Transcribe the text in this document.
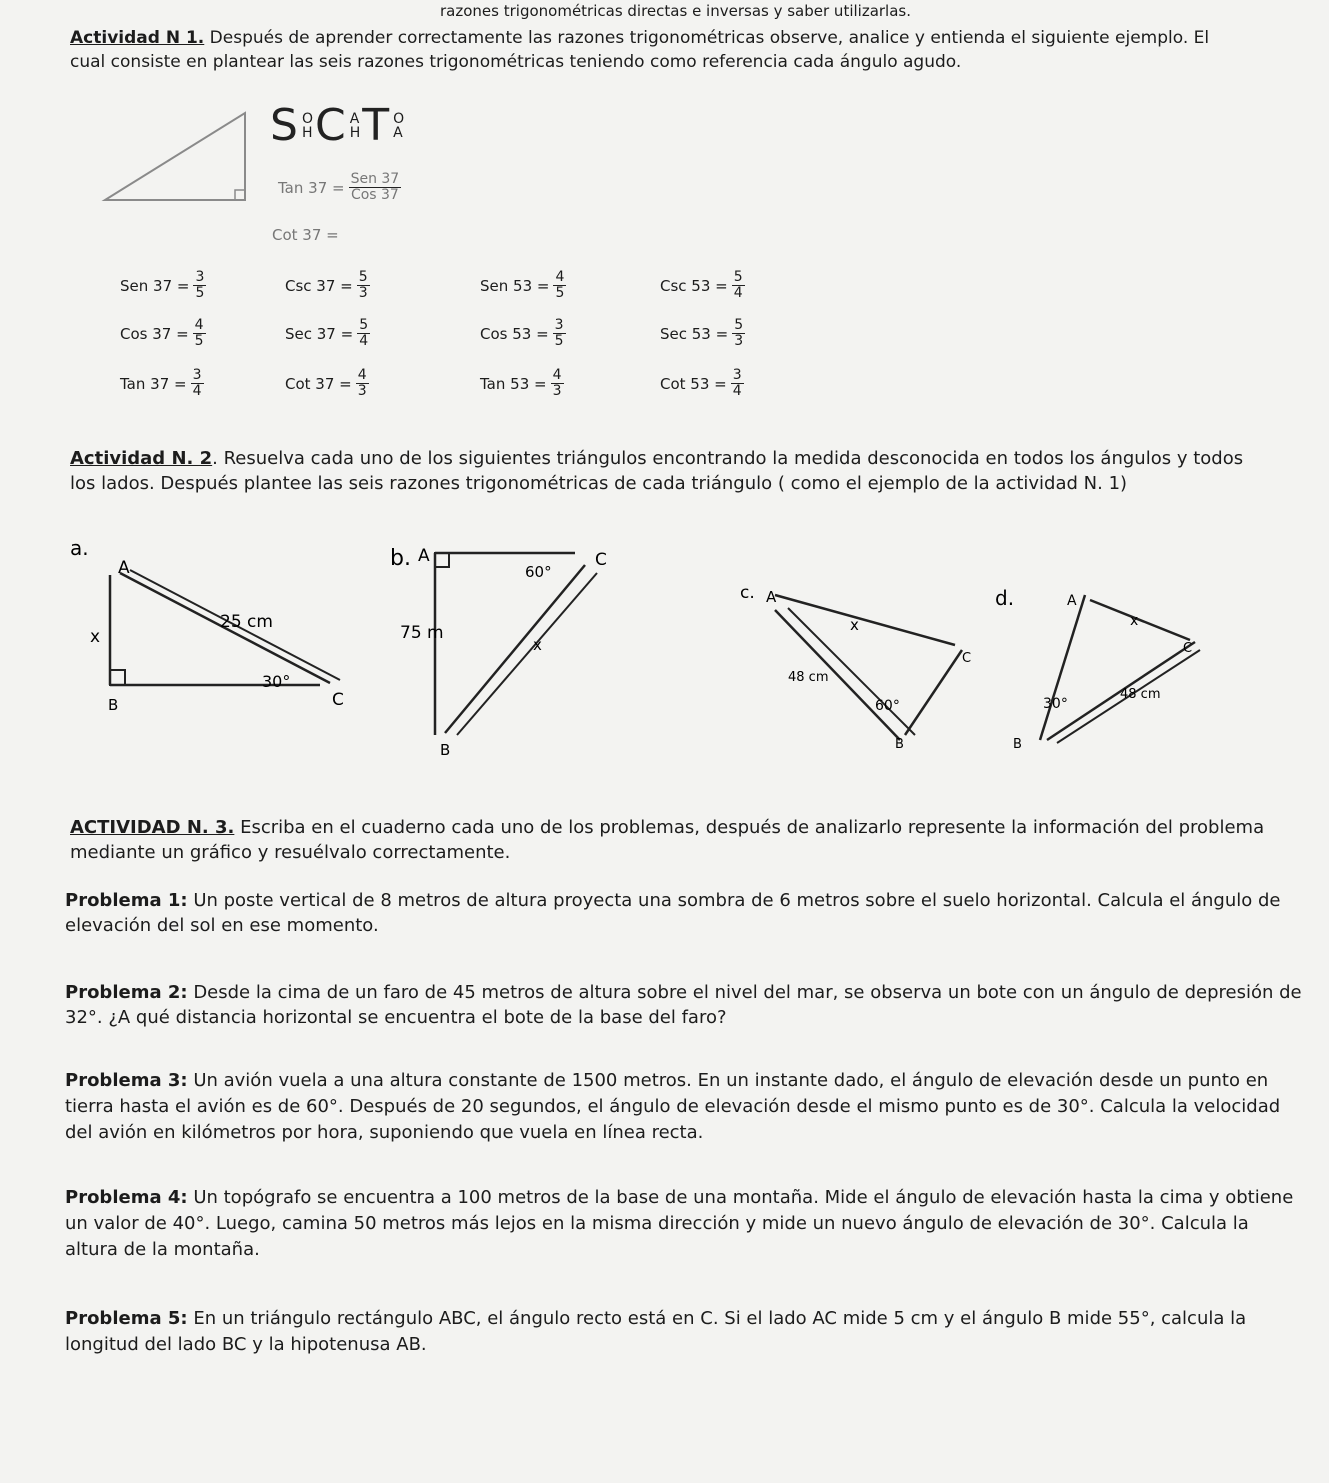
razones trigonométricas directas e inversas y saber utilizarlas.
Actividad N 1. Después de aprender correctamente las razones trigonométricas observe, analice y entienda el siguiente ejemplo. El cual consiste en plantear las seis razones trigonométricas teniendo como referencia cada ángulo agudo.
S O
H C A
H T O
A
Tan $37 = \frac{\text{Sen 37}}{\text{Cos 37}}$
Cot 37 =
Sen $37 = \frac{3}{5}$	Csc $37 = \frac{5}{3}$	Sen $53 = \frac{4}{5}$	Csc $53 = \frac{5}{4}$
Cos $37 = \frac{4}{5}$	Sec $37 = \frac{5}{4}$	Cos $53 = \frac{3}{5}$	Sec $53 = \frac{5}{3}$
Tan $37 = \frac{3}{4}$	Cot $37 = \frac{4}{3}$	Tan $53 = \frac{4}{3}$	Cot $53 = \frac{3}{4}$
Actividad N. 2. Resuelva cada uno de los siguientes triángulos encontrando la medida desconocida en todos los ángulos y todos los lados. Después plantee las seis razones trigonométricas de cada triángulo ( como el ejemplo de la actividad N. 1)
a.
A
B	C
x
25 cm
30°
b. A
B
C
x
75 m
60°
c. A
B
C
x
48 cm
60°
d.	A
B
C
x
48 cm
30°
ACTIVIDAD N. 3. Escriba en el cuaderno cada uno de los problemas, después de analizarlo represente la información del problema mediante un gráfico y resuélvalo correctamente.
Problema 1: Un poste vertical de 8 metros de altura proyecta una sombra de 6 metros sobre el suelo horizontal. Calcula el ángulo de elevación del sol en ese momento.
Problema 2: Desde la cima de un faro de 45 metros de altura sobre el nivel del mar, se observa un bote con un ángulo de depresión de 32°. ¿A qué distancia horizontal se encuentra el bote de la base del faro?
Problema 3: Un avión vuela a una altura constante de 1500 metros. En un instante dado, el ángulo de elevación desde un punto en tierra hasta el avión es de 60°. Después de 20 segundos, el ángulo de elevación desde el mismo punto es de 30°. Calcula la velocidad del avión en kilómetros por hora, suponiendo que vuela en línea recta.
Problema 4: Un topógrafo se encuentra a 100 metros de la base de una montaña. Mide el ángulo de elevación hasta la cima y obtiene un valor de 40°. Luego, camina 50 metros más lejos en la misma dirección y mide un nuevo ángulo de elevación de 30°. Calcula la altura de la montaña.
Problema 5: En un triángulo rectángulo ABC, el ángulo recto está en C. Si el lado AC mide 5 cm y el ángulo B mide 55°, calcula la longitud del lado BC y la hipotenusa AB.
